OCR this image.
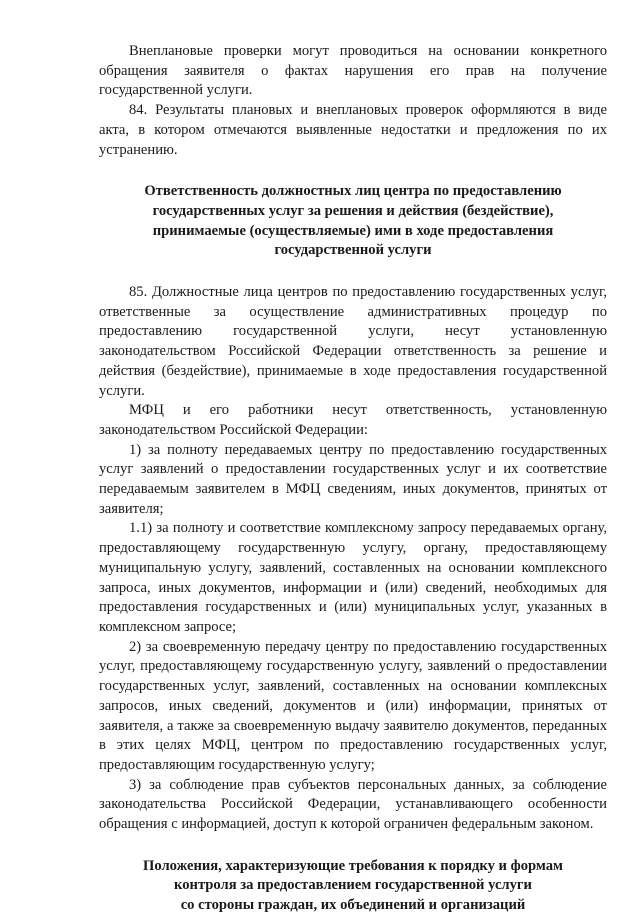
Внеплановые проверки могут проводиться на основании конкретного обращения заявителя о фактах нарушения его прав на получение государственной услуги.

84. Результаты плановых и внеплановых проверок оформляются в виде акта, в котором отмечаются выявленные недостатки и предложения по их устранению.

Ответственность должностных лиц центра по предоставлению государственных услуг за решения и действия (бездействие), принимаемые (осуществляемые) ими в ходе предоставления государственной услуги

85. Должностные лица центров по предоставлению государственных услуг, ответственные за осуществление административных процедур по предоставлению государственной услуги, несут установленную законодательством Российской Федерации ответственность за решение и действия (бездействие), принимаемые в ходе предоставления государственной услуги.

МФЦ и его работники несут ответственность, установленную законодательством Российской Федерации:

1) за полноту передаваемых центру по предоставлению государственных услуг заявлений о предоставлении государственных услуг и их соответствие передаваемым заявителем в МФЦ сведениям, иных документов, принятых от заявителя;

1.1) за полноту и соответствие комплексному запросу передаваемых органу, предоставляющему государственную услугу, органу, предоставляющему муниципальную услугу, заявлений, составленных на основании комплексного запроса, иных документов, информации и (или) сведений, необходимых для предоставления государственных и (или) муниципальных услуг, указанных в комплексном запросе;

2) за своевременную передачу центру по предоставлению государственных услуг, предоставляющему государственную услугу, заявлений о предоставлении государственных услуг, заявлений, составленных на основании комплексных запросов, иных сведений, документов и (или) информации, принятых от заявителя, а также за своевременную выдачу заявителю документов, переданных в этих целях МФЦ, центром по предоставлению государственных услуг, предоставляющим государственную услугу;

3) за соблюдение прав субъектов персональных данных, за соблюдение законодательства Российской Федерации, устанавливающего особенности обращения с информацией, доступ к которой ограничен федеральным законом.

Положения, характеризующие требования к порядку и формам
контроля за предоставлением государственной услуги
со стороны граждан, их объединений и организаций
